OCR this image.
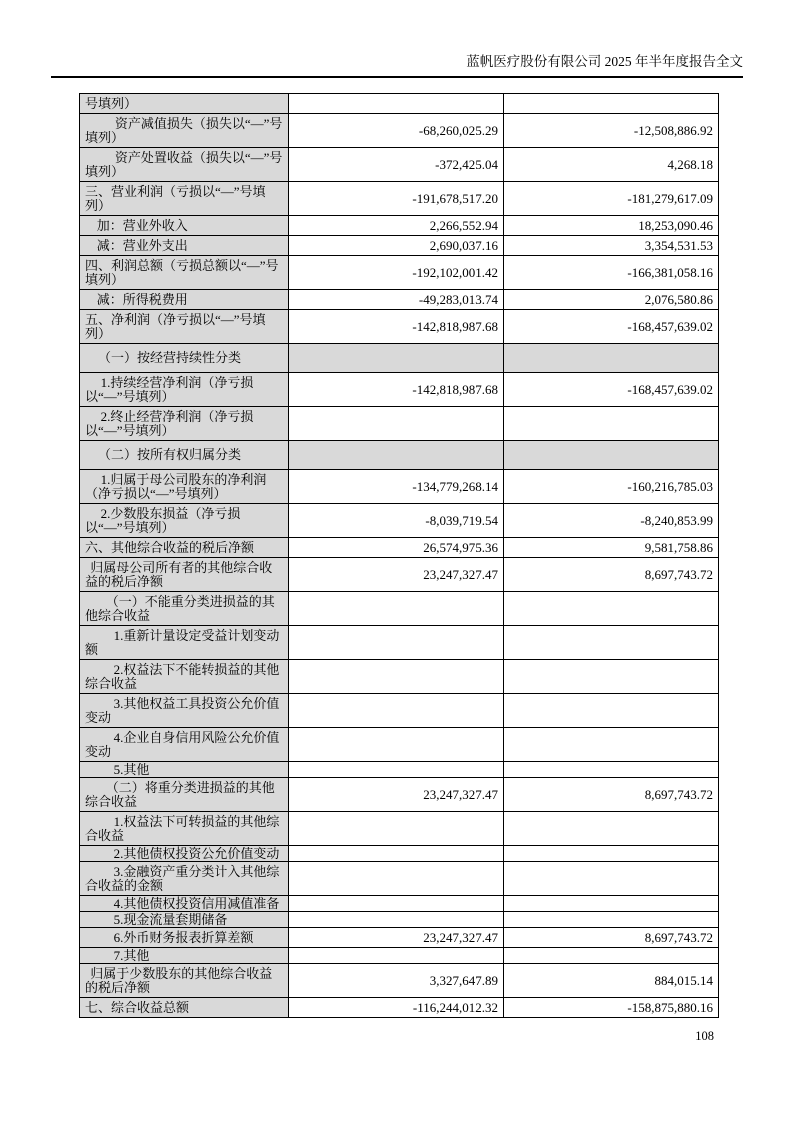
蓝帆医疗股份有限公司 2025 年半年度报告全文
号填列）
资产减值损失（损失以“—”号填列）	-68,260,025.29	-12,508,886.92
资产处置收益（损失以“—”号填列）	-372,425.04	4,268.18
三、营业利润（亏损以“—”号填列）	-191,678,517.20	-181,279,617.09
加：营业外收入	2,266,552.94	18,253,090.46
减：营业外支出	2,690,037.16	3,354,531.53
四、利润总额（亏损总额以“—”号填列）	-192,102,001.42	-166,381,058.16
减：所得税费用	-49,283,013.74	2,076,580.86
五、净利润（净亏损以“—”号填列）	-142,818,987.68	-168,457,639.02
（一）按经营持续性分类
1.持续经营净利润（净亏损以“—”号填列）	-142,818,987.68	-168,457,639.02
2.终止经营净利润（净亏损以“—”号填列）
（二）按所有权归属分类
1.归属于母公司股东的净利润（净亏损以“—”号填列）	-134,779,268.14	-160,216,785.03
2.少数股东损益（净亏损以“—”号填列）	-8,039,719.54	-8,240,853.99
六、其他综合收益的税后净额	26,574,975.36	9,581,758.86
归属母公司所有者的其他综合收益的税后净额	23,247,327.47	8,697,743.72
（一）不能重分类进损益的其他综合收益
1.重新计量设定受益计划变动额
2.权益法下不能转损益的其他综合收益
3.其他权益工具投资公允价值变动
4.企业自身信用风险公允价值变动
5.其他
（二）将重分类进损益的其他综合收益	23,247,327.47	8,697,743.72
1.权益法下可转损益的其他综合收益
2.其他债权投资公允价值变动
3.金融资产重分类计入其他综合收益的金额
4.其他债权投资信用减值准备
5.现金流量套期储备
6.外币财务报表折算差额	23,247,327.47	8,697,743.72
7.其他
归属于少数股东的其他综合收益的税后净额	3,327,647.89	884,015.14
七、综合收益总额	-116,244,012.32	-158,875,880.16
108
